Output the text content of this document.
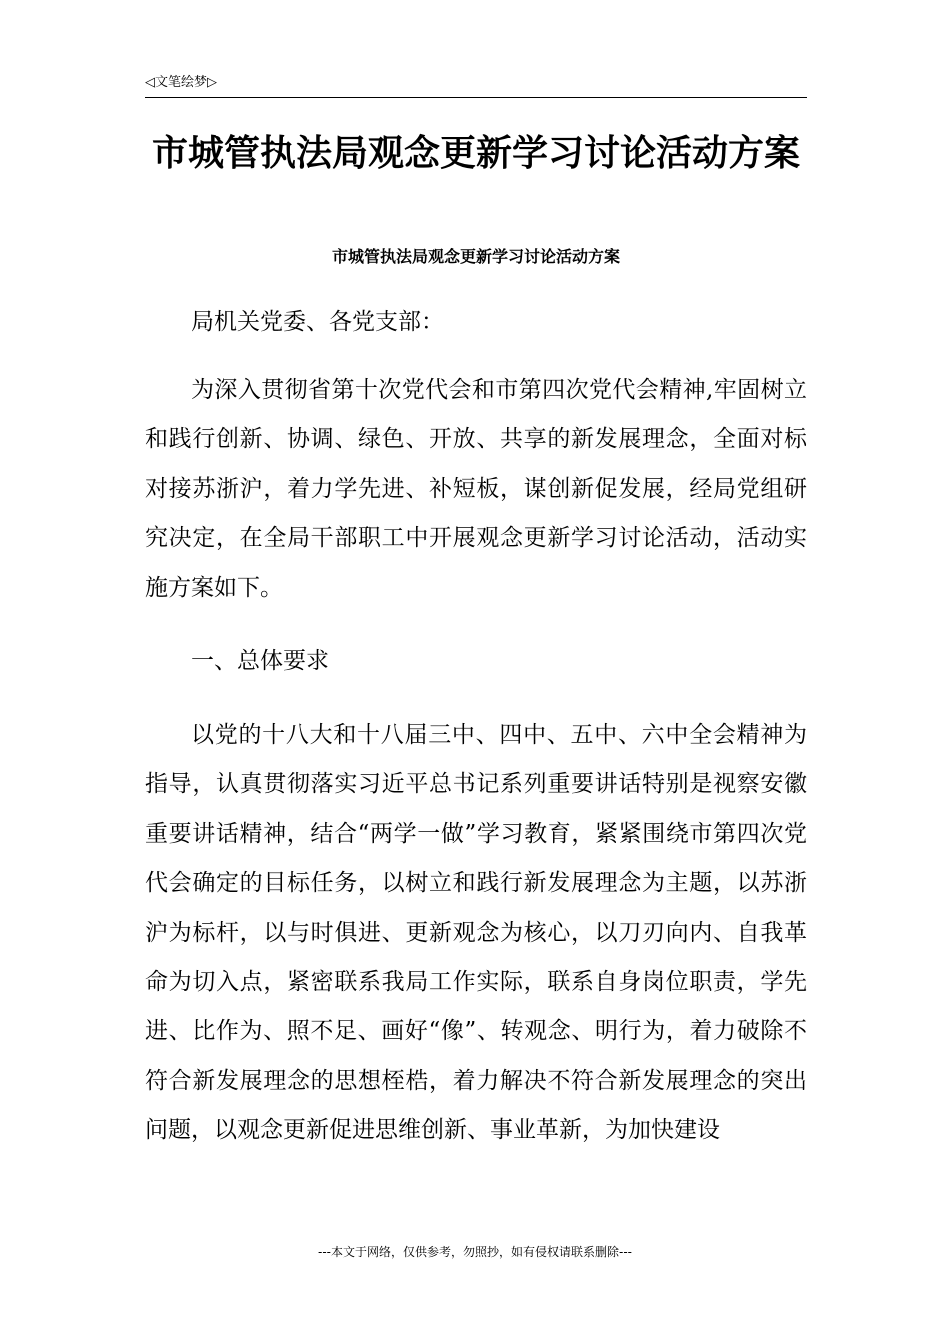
◁文笔绘梦▷
市城管执法局观念更新学习讨论活动方案
市城管执法局观念更新学习讨论活动方案

局机关党委、各党支部：

为深入贯彻省第十次党代会和市第四次党代会精神,牢固树立和践行创新、协调、绿色、开放、共享的新发展理念，全面对标对接苏浙沪，着力学先进、补短板，谋创新促发展，经局党组研究决定，在全局干部职工中开展观念更新学习讨论活动，活动实施方案如下。

一、总体要求

以党的十八大和十八届三中、四中、五中、六中全会精神为指导，认真贯彻落实习近平总书记系列重要讲话特别是视察安徽重要讲话精神，结合“两学一做”学习教育，紧紧围绕市第四次党代会确定的目标任务，以树立和践行新发展理念为主题，以苏浙沪为标杆，以与时俱进、更新观念为核心，以刀刃向内、自我革命为切入点，紧密联系我局工作实际，联系自身岗位职责，学先进、比作为、照不足、画好“像”、转观念、明行为，着力破除不符合新发展理念的思想桎梏，着力解决不符合新发展理念的突出问题，以观念更新促进思维创新、事业革新，为加快建设

---本文于网络，仅供参考，勿照抄，如有侵权请联系删除---
